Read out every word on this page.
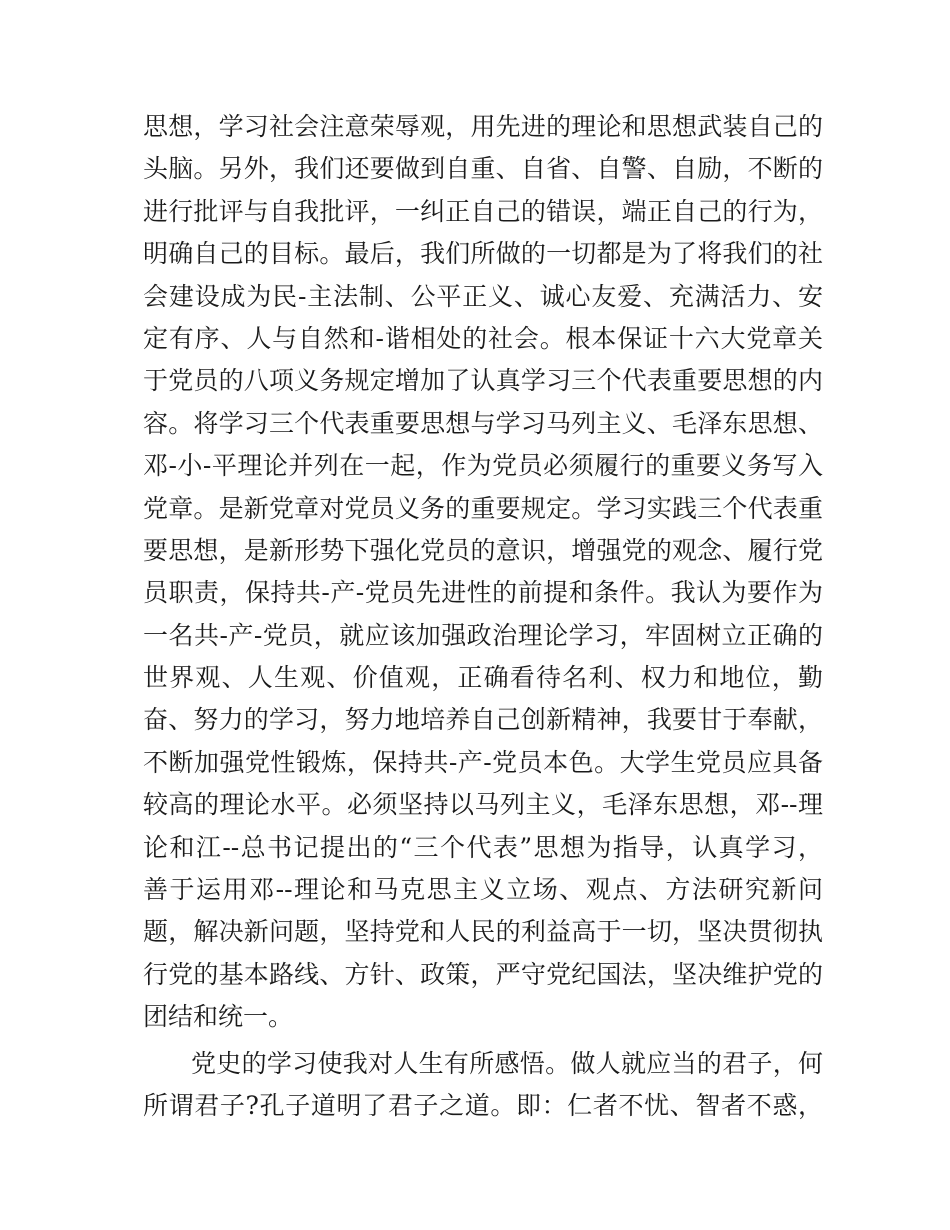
思想，学习社会注意荣辱观，用先进的理论和思想武装自己的
头脑。另外，我们还要做到自重、自省、自警、自励，不断的
进行批评与自我批评，一纠正自己的错误，端正自己的行为，
明确自己的目标。最后，我们所做的一切都是为了将我们的社
会建设成为民-主法制、公平正义、诚心友爱、充满活力、安
定有序、人与自然和-谐相处的社会。根本保证十六大党章关
于党员的八项义务规定增加了认真学习三个代表重要思想的内
容。将学习三个代表重要思想与学习马列主义、毛泽东思想、
邓-小-平理论并列在一起，作为党员必须履行的重要义务写入
党章。是新党章对党员义务的重要规定。学习实践三个代表重
要思想，是新形势下强化党员的意识，增强党的观念、履行党
员职责，保持共-产-党员先进性的前提和条件。我认为要作为
一名共-产-党员，就应该加强政治理论学习，牢固树立正确的
世界观、人生观、价值观，正确看待名利、权力和地位，勤
奋、努力的学习，努力地培养自己创新精神，我要甘于奉献，
不断加强党性锻炼，保持共-产-党员本色。大学生党员应具备
较高的理论水平。必须坚持以马列主义，毛泽东思想，邓--理
论和江--总书记提出的“三个代表”思想为指导，认真学习，
善于运用邓--理论和马克思主义立场、观点、方法研究新问
题，解决新问题，坚持党和人民的利益高于一切，坚决贯彻执
行党的基本路线、方针、政策，严守党纪国法，坚决维护党的
团结和统一。
党史的学习使我对人生有所感悟。做人就应当的君子，何
所谓君子?孔子道明了君子之道。即：仁者不忧、智者不惑，
